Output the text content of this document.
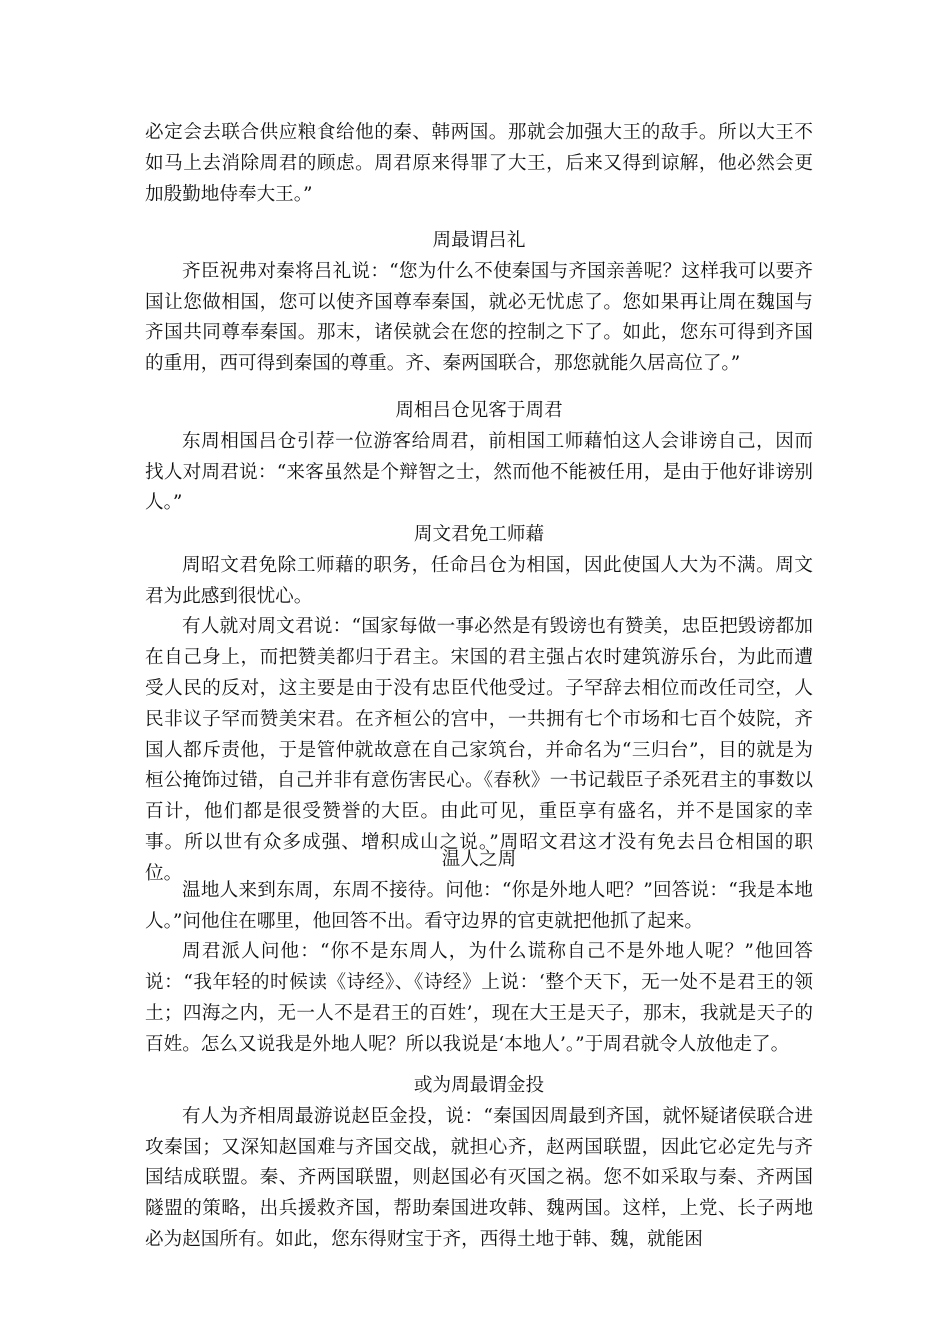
必定会去联合供应粮食给他的秦、韩两国。那就会加强大王的敌手。所以大王不如马上去消除周君的顾虑。周君原来得罪了大王，后来又得到谅解，他必然会更加殷勤地侍奉大王。”

周最谓吕礼

齐臣祝弗对秦将吕礼说：“您为什么不使秦国与齐国亲善呢？这样我可以要齐国让您做相国，您可以使齐国尊奉秦国，就必无忧虑了。您如果再让周在魏国与齐国共同尊奉秦国。那末，诸侯就会在您的控制之下了。如此，您东可得到齐国的重用，西可得到秦国的尊重。齐、秦两国联合，那您就能久居高位了。”

周相吕仓见客于周君

东周相国吕仓引荐一位游客给周君，前相国工师藉怕这人会诽谤自己，因而找人对周君说：“来客虽然是个辩智之士，然而他不能被任用，是由于他好诽谤别人。”

周文君免工师藉

周昭文君免除工师藉的职务，任命吕仓为相国，因此使国人大为不满。周文君为此感到很忧心。

有人就对周文君说：“国家每做一事必然是有毁谤也有赞美，忠臣把毁谤都加在自己身上，而把赞美都归于君主。宋国的君主强占农时建筑游乐台，为此而遭受人民的反对，这主要是由于没有忠臣代他受过。子罕辞去相位而改任司空，人民非议子罕而赞美宋君。在齐桓公的宫中，一共拥有七个市场和七百个妓院，齐国人都斥责他，于是管仲就故意在自己家筑台，并命名为“三归台”，目的就是为桓公掩饰过错，自己并非有意伤害民心。《春秋》一书记载臣子杀死君主的事数以百计，他们都是很受赞誉的大臣。由此可见，重臣享有盛名，并不是国家的幸事。所以世有众多成强、增积成山之说。”周昭文君这才没有免去吕仓相国的职位。

温人之周

温地人来到东周，东周不接待。问他：“你是外地人吧？”回答说：“我是本地人。”问他住在哪里，他回答不出。看守边界的官吏就把他抓了起来。

周君派人问他：“你不是东周人，为什么谎称自己不是外地人呢？”他回答说：“我年轻的时候读《诗经》、《诗经》上说：‘整个天下，无一处不是君王的领土；四海之内，无一人不是君王的百姓’，现在大王是天子，那末，我就是天子的百姓。怎么又说我是外地人呢？所以我说是‘本地人’。”于周君就令人放他走了。

或为周最谓金投

有人为齐相周最游说赵臣金投，说：“秦国因周最到齐国，就怀疑诸侯联合进攻秦国；又深知赵国难与齐国交战，就担心齐，赵两国联盟，因此它必定先与齐国结成联盟。秦、齐两国联盟，则赵国必有灭国之祸。您不如采取与秦、齐两国隧盟的策略，出兵援救齐国，帮助秦国进攻韩、魏两国。这样，上党、长子两地必为赵国所有。如此，您东得财宝于齐，西得土地于韩、魏，就能困
